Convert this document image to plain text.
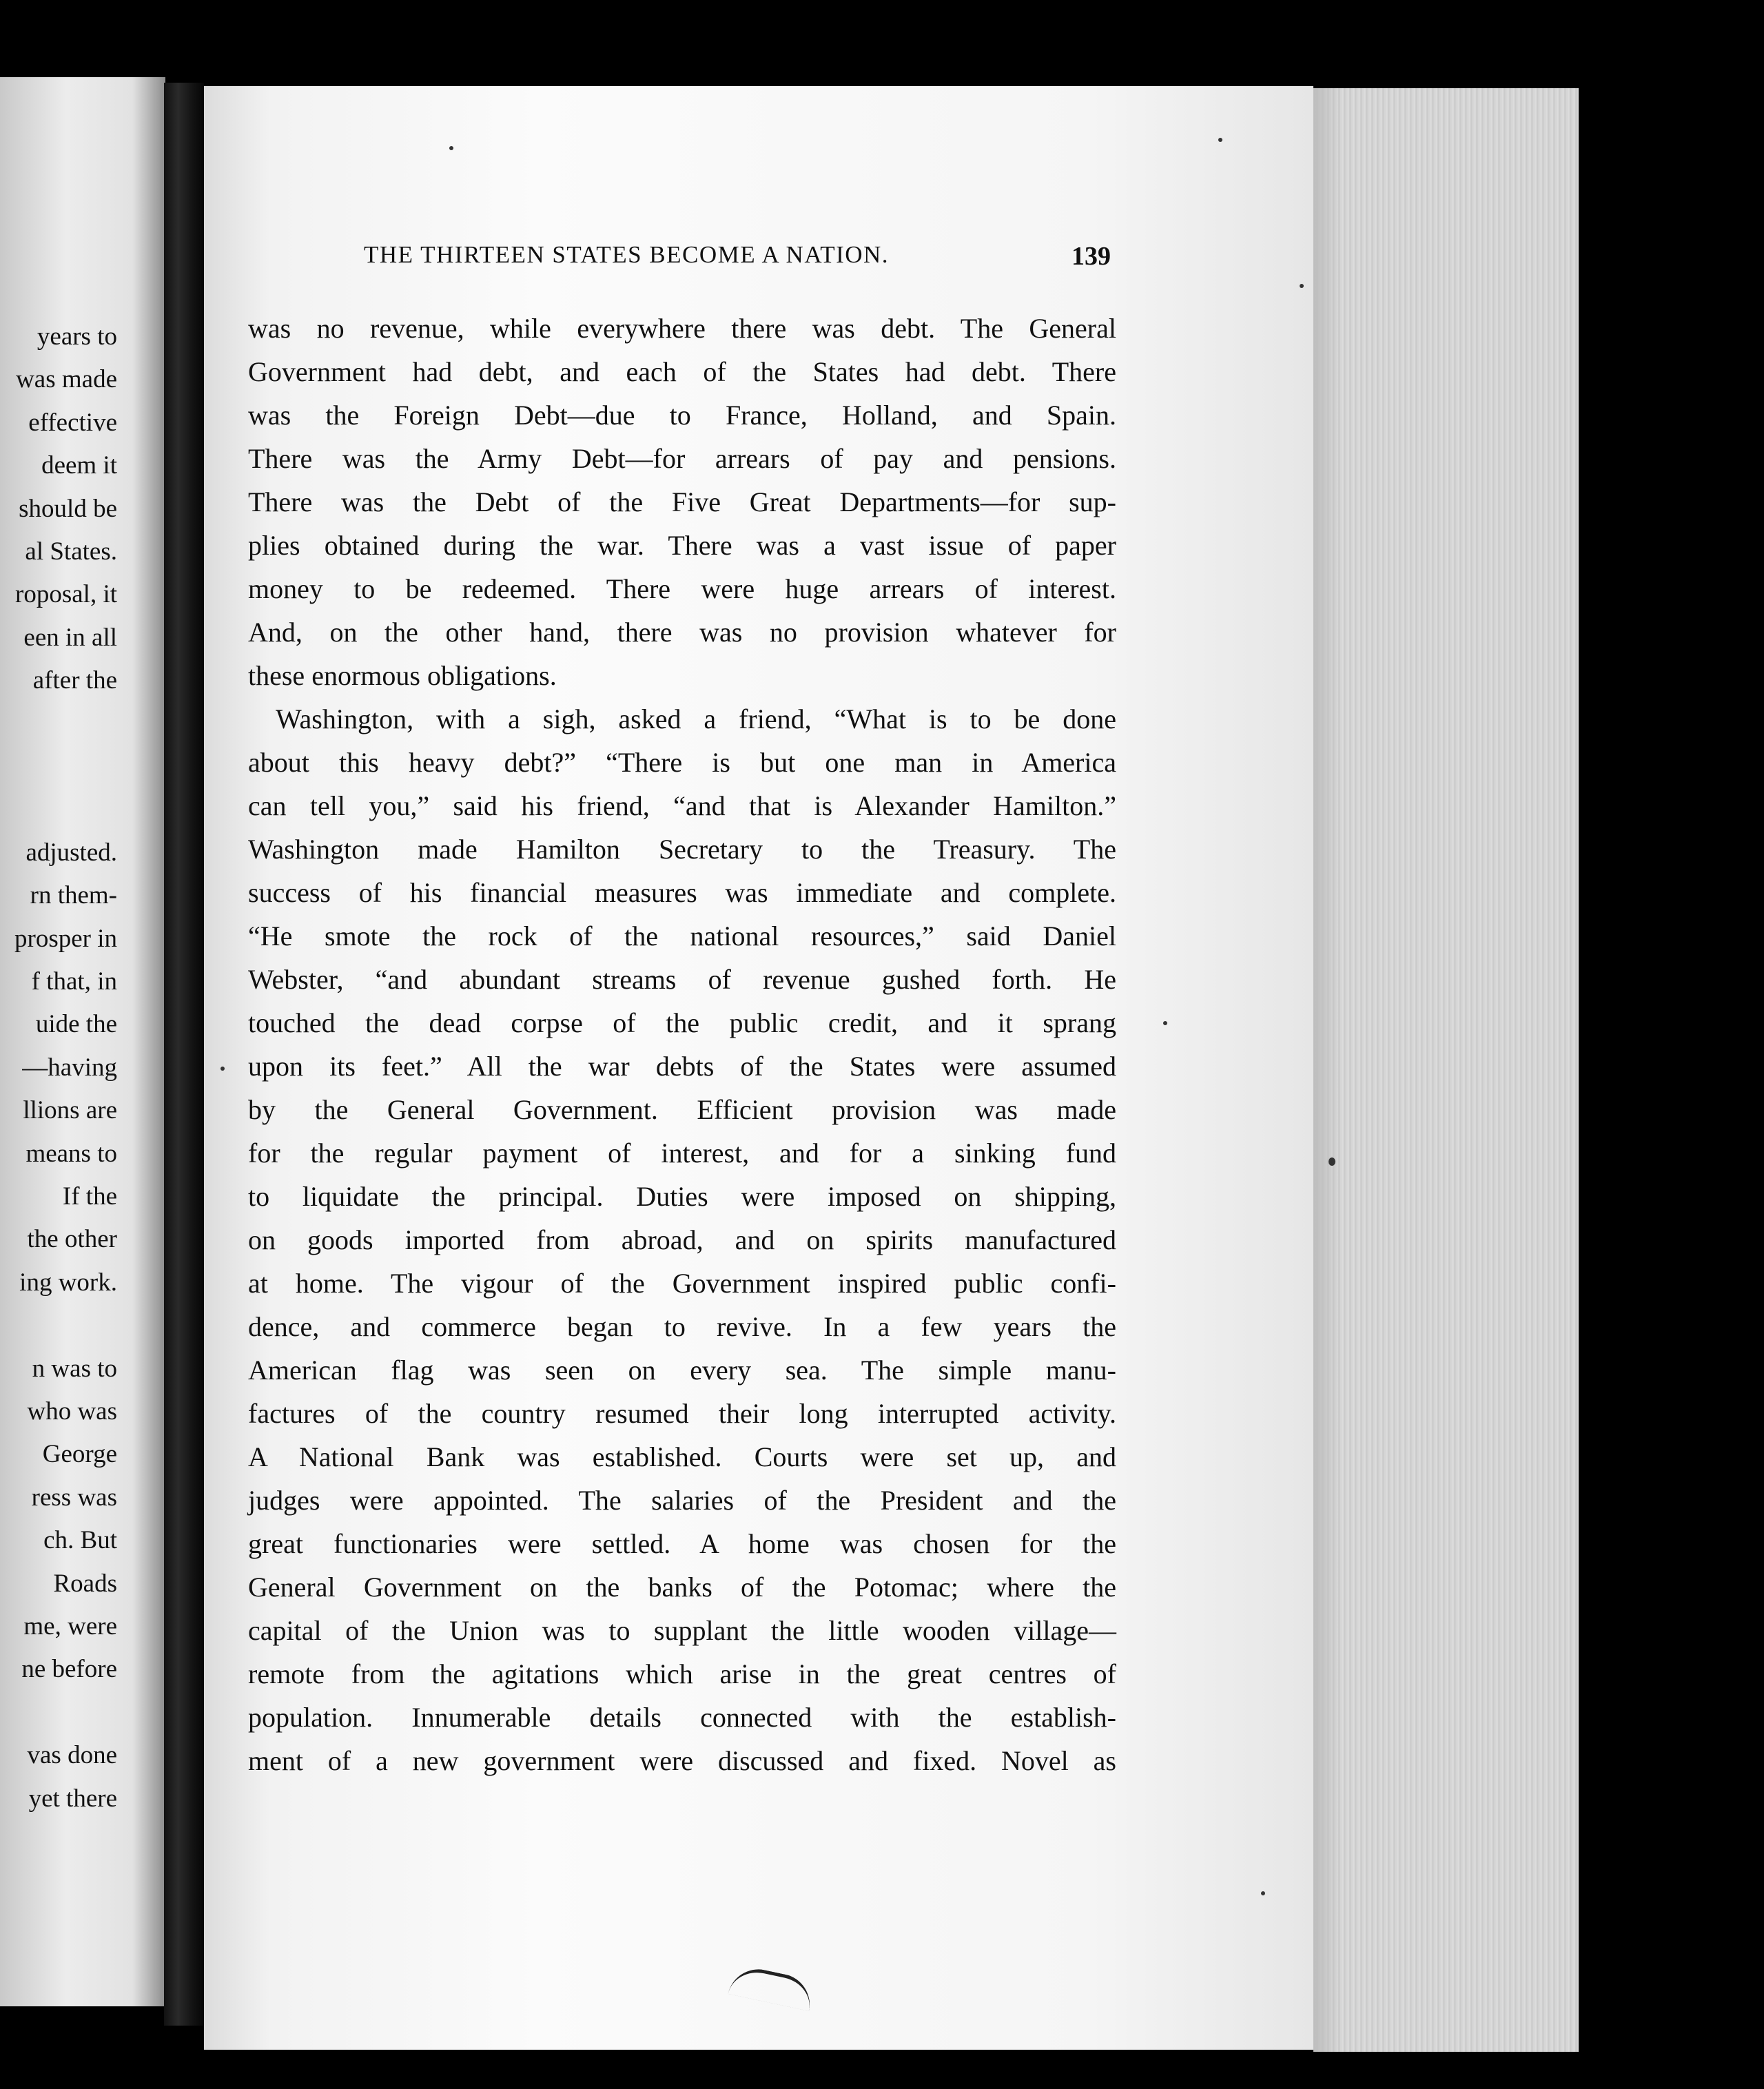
years to
was made
effective
deem it
should be
al States.
roposal, it
een in all
after the
adjusted.
rn them-
prosper in
f that, in
uide the
—having
llions are
means to
If the
the other
ing work.
n was to
who was
George
ress was
ch. But
Roads
me, were
ne before
vas done
yet there
THE THIRTEEN STATES BECOME A NATION.	139
was no revenue, while everywhere there was debt. The General
Government had debt, and each of the States had debt. There
was the Foreign Debt—due to France, Holland, and Spain.
There was the Army Debt—for arrears of pay and pensions.
There was the Debt of the Five Great Departments—for sup-
plies obtained during the war. There was a vast issue of paper
money to be redeemed. There were huge arrears of interest.
And, on the other hand, there was no provision whatever for
these enormous obligations.
Washington, with a sigh, asked a friend, “What is to be done
about this heavy debt?” “There is but one man in America
can tell you,” said his friend, “and that is Alexander Hamilton.”
Washington made Hamilton Secretary to the Treasury. The
success of his financial measures was immediate and complete.
“He smote the rock of the national resources,” said Daniel
Webster, “and abundant streams of revenue gushed forth. He
touched the dead corpse of the public credit, and it sprang
upon its feet.” All the war debts of the States were assumed
by the General Government. Efficient provision was made
for the regular payment of interest, and for a sinking fund
to liquidate the principal. Duties were imposed on shipping,
on goods imported from abroad, and on spirits manufactured
at home. The vigour of the Government inspired public confi-
dence, and commerce began to revive. In a few years the
American flag was seen on every sea. The simple manu-
factures of the country resumed their long interrupted activity.
A National Bank was established. Courts were set up, and
judges were appointed. The salaries of the President and the
great functionaries were settled. A home was chosen for the
General Government on the banks of the Potomac; where the
capital of the Union was to supplant the little wooden village—
remote from the agitations which arise in the great centres of
population. Innumerable details connected with the establish-
ment of a new government were discussed and fixed. Novel as
